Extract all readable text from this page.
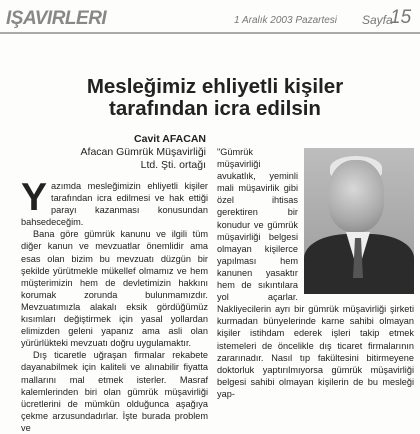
IŞAVIRLERI	1 Aralık 2003 Pazartesi Sayfa
15
Mesleğimiz ehliyetli kişiler
tarafından icra edilsin
Cavit AFACAN
Afacan Gümrük Müşavirliği
Ltd. Şti. ortağı

Yazımda mesleğimizin ehliyetli kişiler tarafından icra edilmesi ve hak ettiği parayı kazanması konusundan bahsedeceğim.

Bana göre gümrük kanunu ve ilgili tüm diğer kanun ve mevzuatlar önemlidir ama esas olan bizim bu mevzuatı düzgün bir şekilde yürütmekle mükellef olmamız ve hem müşterimizin hem de devletimizin hakkını korumak zorunda bulunmamızdır. Mevzuatımızla alakalı eksik gördüğümüz kısımları değiştirmek için yasal yollardan elimizden geleni yapanız ama asli olan yürürlükteki mevzuatı doğru uygulamaktır.

Dış ticaretle uğraşan firmalar rekabete dayanabilmek için kaliteli ve alınabilir fiyatta mallarını mal etmek isterler. Masraf kalemlerinden biri olan gümrük müşavirliği ücretlerini de mümkün olduğunca aşağıya çekme arzusundadırlar. İşte burada problem ve

"Gümrük müşavirliği avukatlık, yeminli mali müşavirlik gibi özel ihtisas gerektiren bir konudur ve gümrük müşavirliği belgesi olmayan kişilerce yapılması hem kanunen yasaktır hem de sıkıntılara yol açarlar. Nakliyecilerin ayrı bir gümrük müşavirliği şirketi kurmadan bünyelerinde karne sahibi olmayan kişiler istihdam ederek işleri takip etmek istemeleri de öncelikle dış ticaret firmalarının zararınadır. Nasıl tıp fakültesini bitirmeyene doktorluk yaptırılmıyorsa gümrük müşavirliği belgesi sahibi olmayan kişilerin de bu mesleği yap-
